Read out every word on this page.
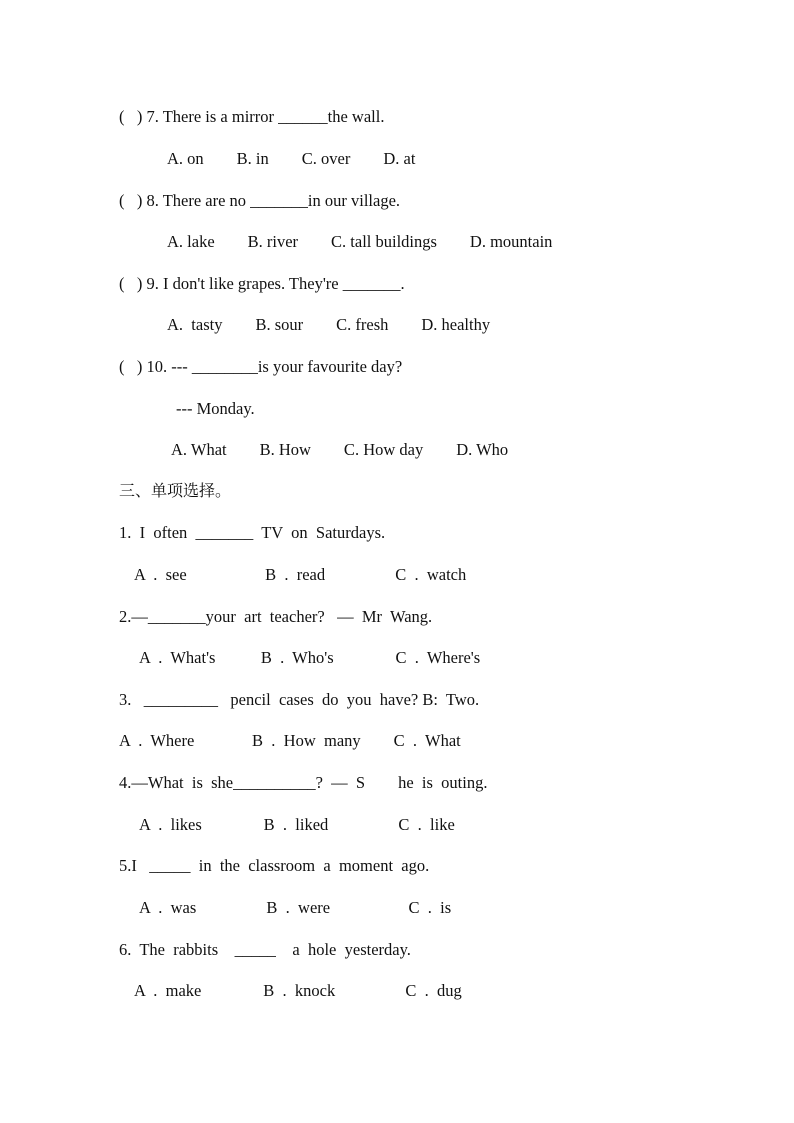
(   ) 7. There is a mirror ______the wall.
A. on        B. in        C. over        D. at
(   ) 8. There are no _______in our village.
A. lake        B. river        C. tall buildings        D. mountain
(   ) 9. I don't like grapes. They're _______.
A.  tasty        B. sour        C. fresh        D. healthy
(   ) 10. --- ________is your favourite day?
--- Monday.
A. What        B. How        C. How day        D. Who
三、单项选择。
1.  I  often  _______  TV  on  Saturdays.
A  .  see                   B  .  read                 C  .  watch
2.—_______your  art  teacher?   —  Mr  Wang.
A  .  What's           B  .  Who's               C  .  Where's
3.   _________   pencil  cases  do  you  have? B:  Two.
A  .  Where              B  .  How  many        C  .  What
4.—What  is  she__________?  —  S        he  is  outing.
A  .  likes               B  .  liked                 C  .  like
5.I   _____  in  the  classroom  a  moment  ago.
A  .  was                 B  .  were                   C  .  is
6.  The  rabbits    _____    a  hole  yesterday.
A  .  make               B  .  knock                 C  .  dug
